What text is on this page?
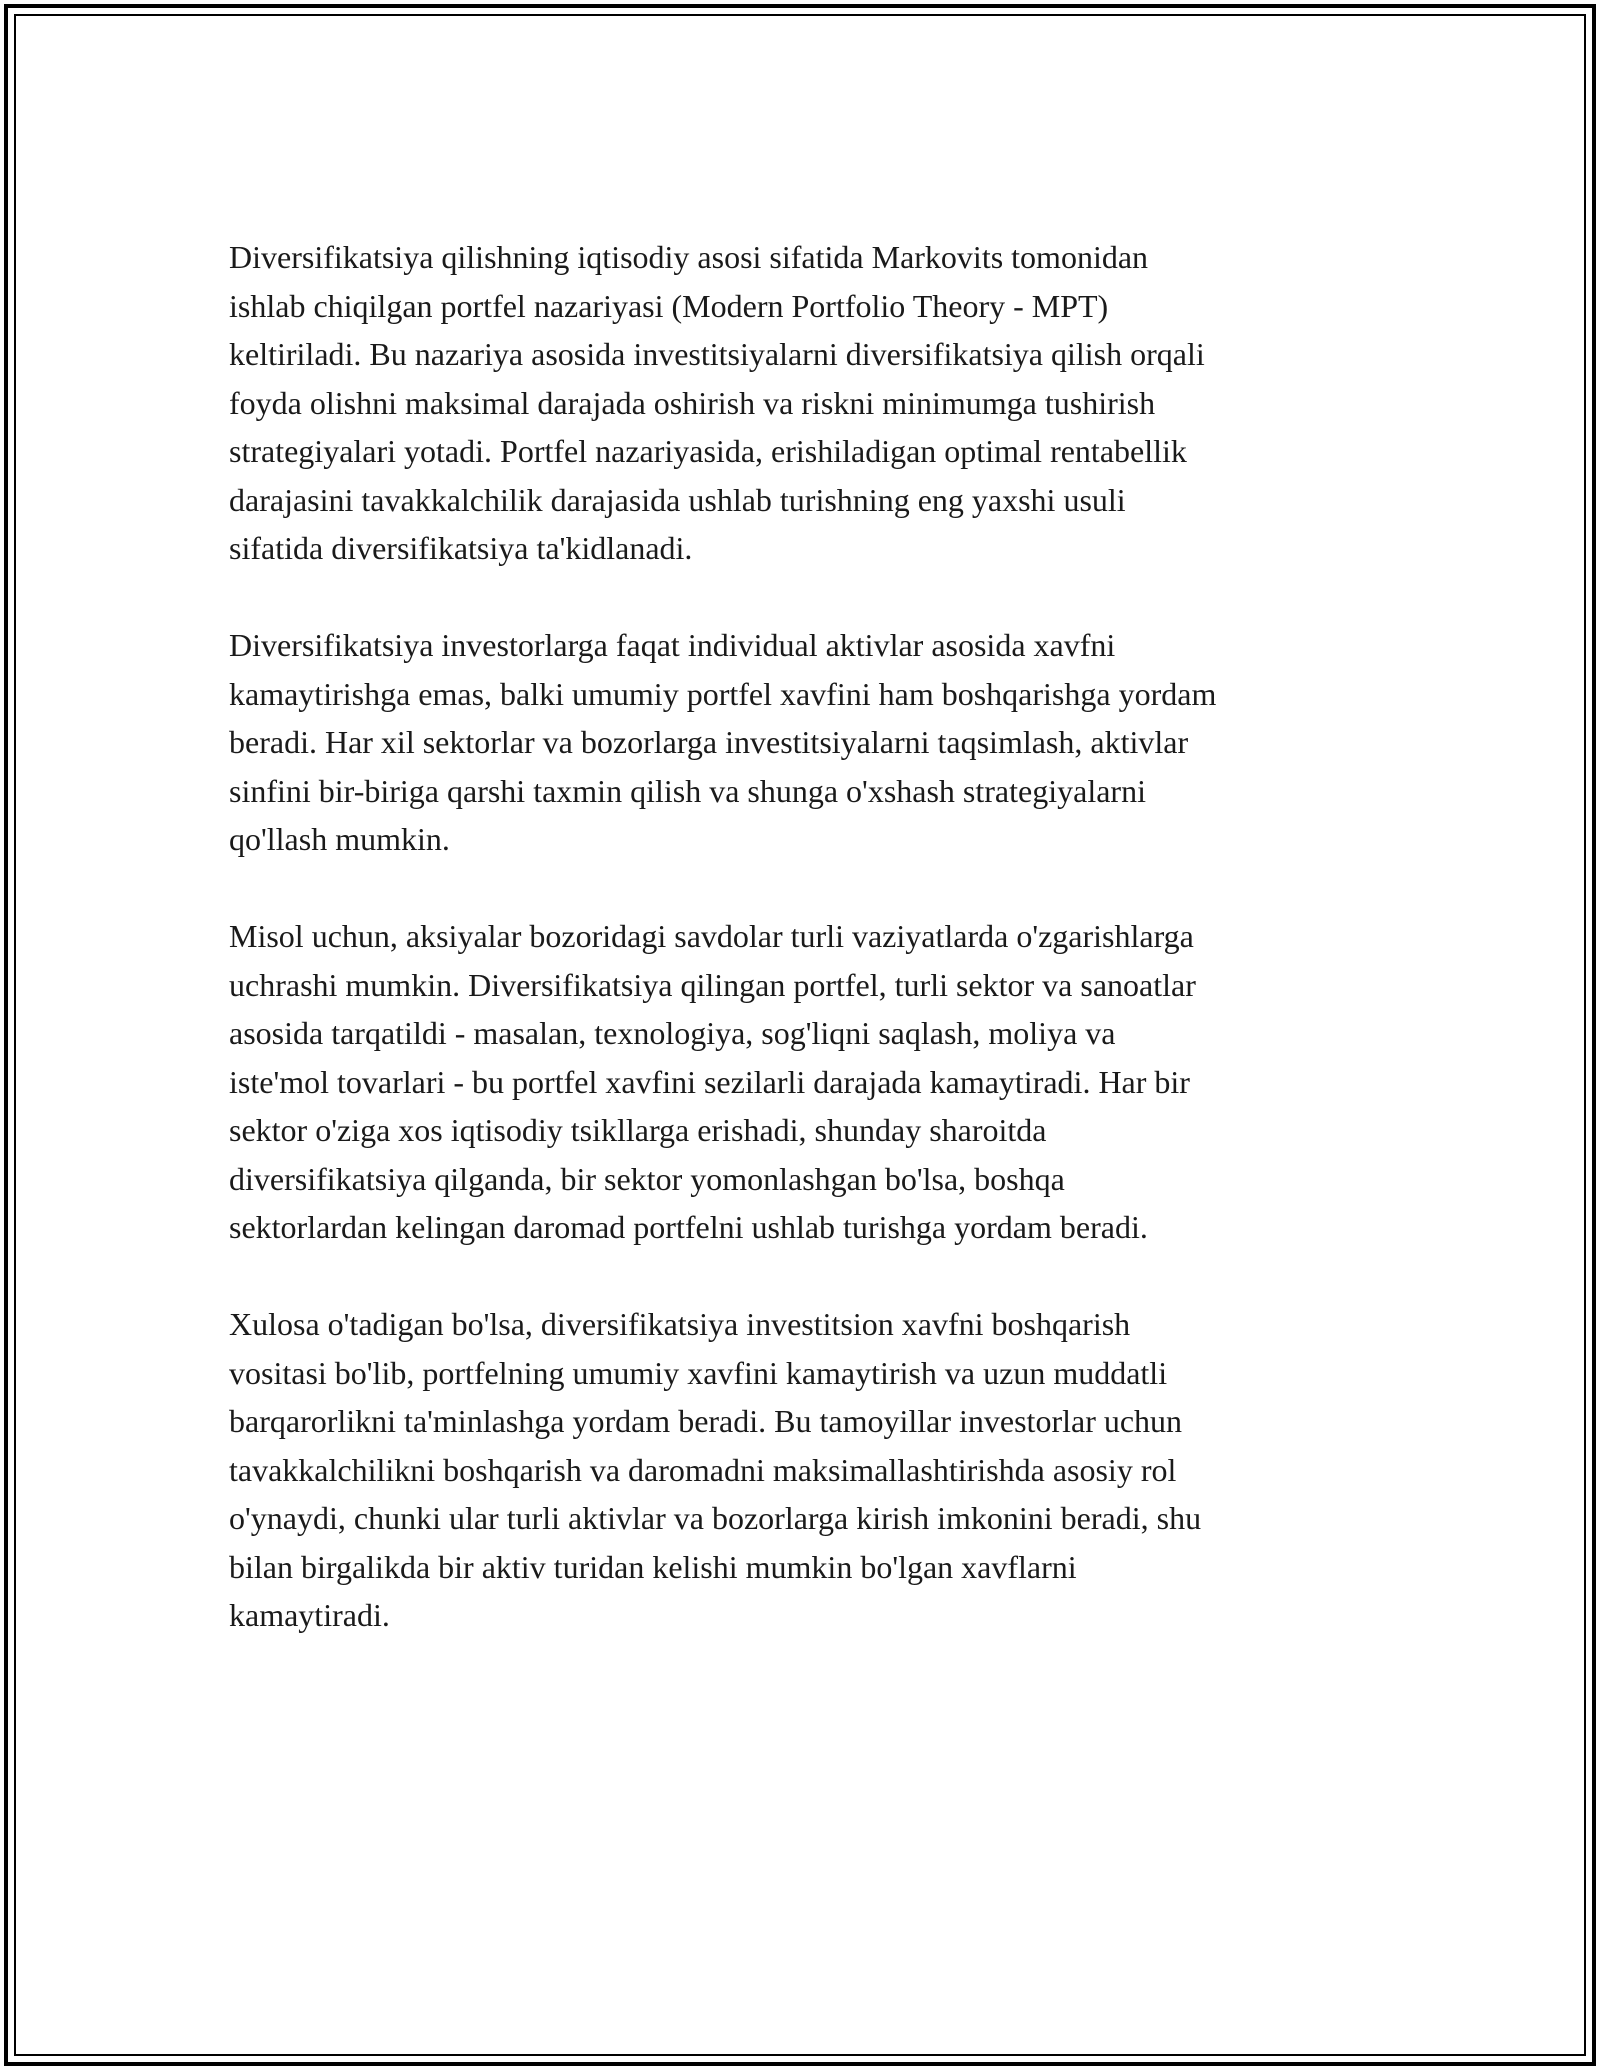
Diversifikatsiya qilishning iqtisodiy asosi sifatida Markovits tomonidan
ishlab chiqilgan portfel nazariyasi (Modern Portfolio Theory - MPT)
keltiriladi. Bu nazariya asosida investitsiyalarni diversifikatsiya qilish orqali
foyda olishni maksimal darajada oshirish va riskni minimumga tushirish
strategiyalari yotadi. Portfel nazariyasida, erishiladigan optimal rentabellik
darajasini tavakkalchilik darajasida ushlab turishning eng yaxshi usuli
sifatida diversifikatsiya ta'kidlanadi.

Diversifikatsiya investorlarga faqat individual aktivlar asosida xavfni
kamaytirishga emas, balki umumiy portfel xavfini ham boshqarishga yordam
beradi. Har xil sektorlar va bozorlarga investitsiyalarni taqsimlash, aktivlar
sinfini bir-biriga qarshi taxmin qilish va shunga o'xshash strategiyalarni
qo'llash mumkin.

Misol uchun, aksiyalar bozoridagi savdolar turli vaziyatlarda o'zgarishlarga
uchrashi mumkin. Diversifikatsiya qilingan portfel, turli sektor va sanoatlar
asosida tarqatildi - masalan, texnologiya, sog'liqni saqlash, moliya va
iste'mol tovarlari - bu portfel xavfini sezilarli darajada kamaytiradi. Har bir
sektor o'ziga xos iqtisodiy tsikllarga erishadi, shunday sharoitda
diversifikatsiya qilganda, bir sektor yomonlashgan bo'lsa, boshqa
sektorlardan kelingan daromad portfelni ushlab turishga yordam beradi.

Xulosa o'tadigan bo'lsa, diversifikatsiya investitsion xavfni boshqarish
vositasi bo'lib, portfelning umumiy xavfini kamaytirish va uzun muddatli
barqarorlikni ta'minlashga yordam beradi. Bu tamoyillar investorlar uchun
tavakkalchilikni boshqarish va daromadni maksimallashtirishda asosiy rol
o'ynaydi, chunki ular turli aktivlar va bozorlarga kirish imkonini beradi, shu
bilan birgalikda bir aktiv turidan kelishi mumkin bo'lgan xavflarni
kamaytiradi.
